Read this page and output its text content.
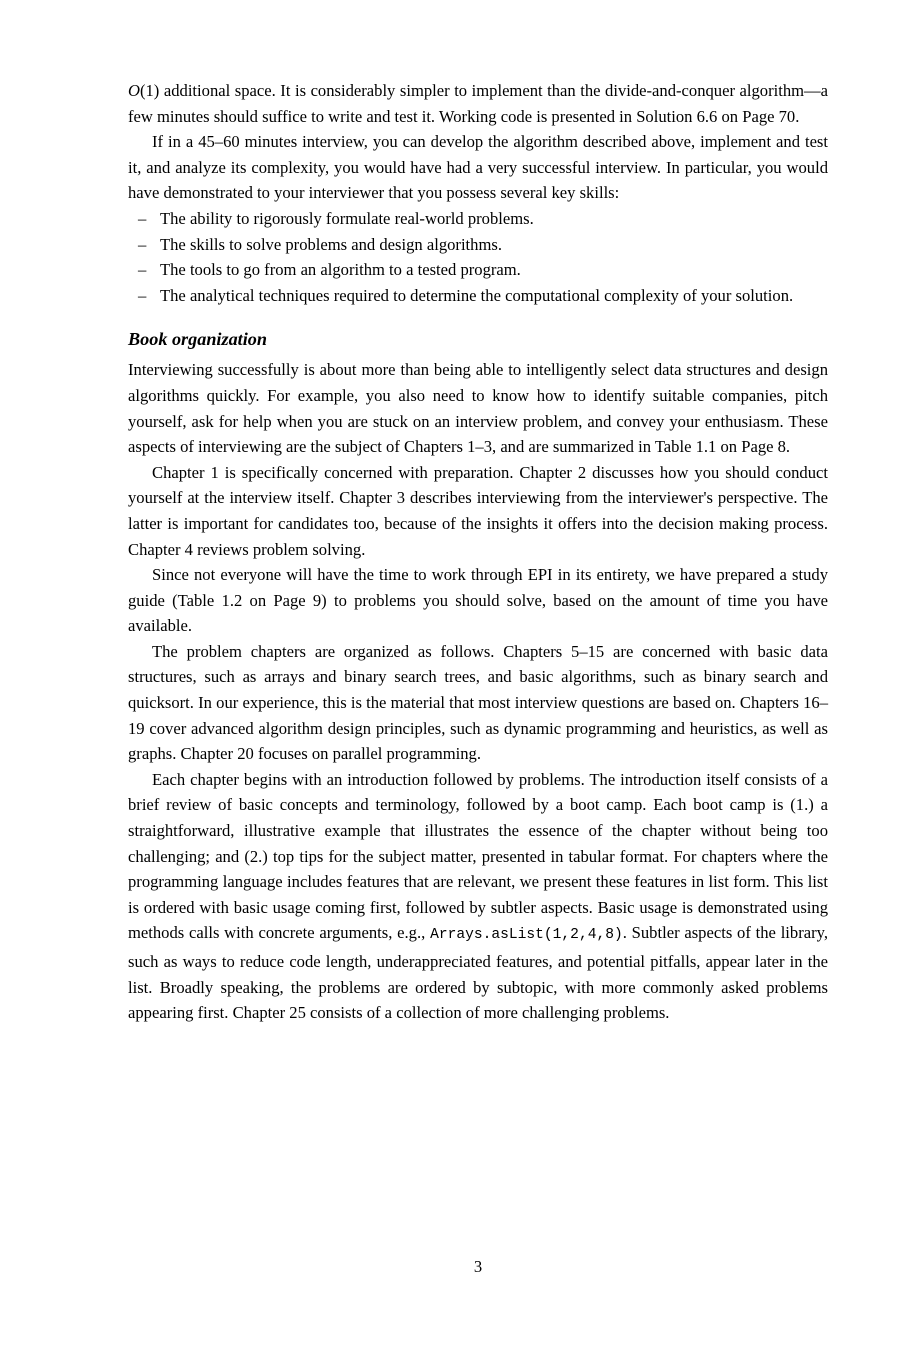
O(1) additional space. It is considerably simpler to implement than the divide-and-conquer algorithm—a few minutes should suffice to write and test it. Working code is presented in Solution 6.6 on Page 70.

If in a 45–60 minutes interview, you can develop the algorithm described above, implement and test it, and analyze its complexity, you would have had a very successful interview. In particular, you would have demonstrated to your interviewer that you possess several key skills:

– The ability to rigorously formulate real-world problems.
– The skills to solve problems and design algorithms.
– The tools to go from an algorithm to a tested program.
– The analytical techniques required to determine the computational complexity of your solution.
Book organization

Interviewing successfully is about more than being able to intelligently select data structures and design algorithms quickly. For example, you also need to know how to identify suitable companies, pitch yourself, ask for help when you are stuck on an interview problem, and convey your enthusiasm. These aspects of interviewing are the subject of Chapters 1–3, and are summarized in Table 1.1 on Page 8.

Chapter 1 is specifically concerned with preparation. Chapter 2 discusses how you should conduct yourself at the interview itself. Chapter 3 describes interviewing from the interviewer's perspective. The latter is important for candidates too, because of the insights it offers into the decision making process. Chapter 4 reviews problem solving.

Since not everyone will have the time to work through EPI in its entirety, we have prepared a study guide (Table 1.2 on Page 9) to problems you should solve, based on the amount of time you have available.

The problem chapters are organized as follows. Chapters 5–15 are concerned with basic data structures, such as arrays and binary search trees, and basic algorithms, such as binary search and quicksort. In our experience, this is the material that most interview questions are based on. Chapters 16–19 cover advanced algorithm design principles, such as dynamic programming and heuristics, as well as graphs. Chapter 20 focuses on parallel programming.

Each chapter begins with an introduction followed by problems. The introduction itself consists of a brief review of basic concepts and terminology, followed by a boot camp. Each boot camp is (1.) a straightforward, illustrative example that illustrates the essence of the chapter without being too challenging; and (2.) top tips for the subject matter, presented in tabular format. For chapters where the programming language includes features that are relevant, we present these features in list form. This list is ordered with basic usage coming first, followed by subtler aspects. Basic usage is demonstrated using methods calls with concrete arguments, e.g., Arrays.asList(1,2,4,8). Subtler aspects of the library, such as ways to reduce code length, underappreciated features, and potential pitfalls, appear later in the list. Broadly speaking, the problems are ordered by subtopic, with more commonly asked problems appearing first. Chapter 25 consists of a collection of more challenging problems.

3
